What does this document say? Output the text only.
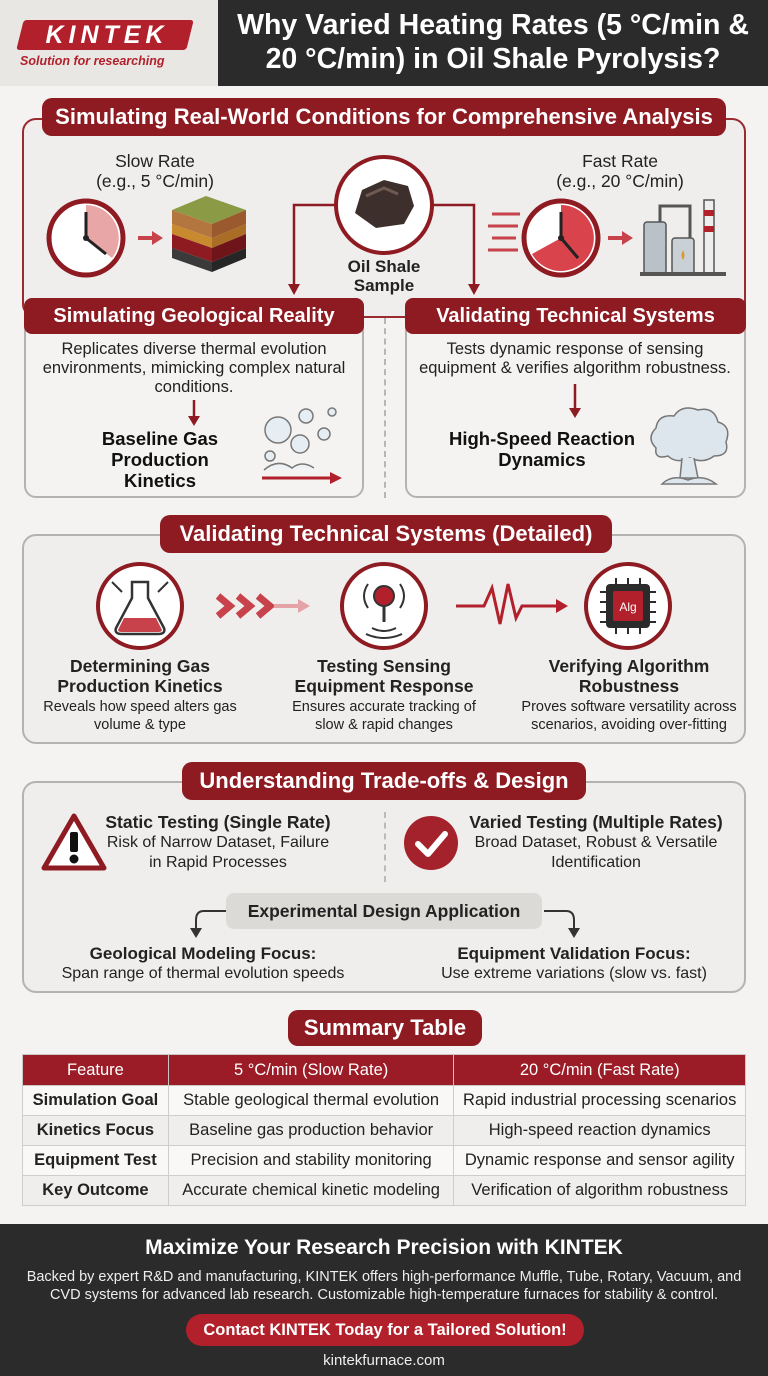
KINTEK
Solution for researching
Why Varied Heating Rates (5 °C/min & 20 °C/min) in Oil Shale Pyrolysis?
Simulating Real-World Conditions for Comprehensive Analysis
Slow Rate
(e.g., 5 °C/min)
Fast Rate
(e.g., 20 °C/min)
Oil Shale Sample
Simulating Geological Reality
Replicates diverse thermal evolution environments, mimicking complex natural conditions.
Baseline Gas Production Kinetics
Validating Technical Systems
Tests dynamic response of sensing equipment & verifies algorithm robustness.
High-Speed Reaction Dynamics
Validating Technical Systems (Detailed)
Alg
Determining Gas Production Kinetics
Reveals how speed alters gas volume & type
Testing Sensing Equipment Response
Ensures accurate tracking of slow & rapid changes
Verifying Algorithm Robustness
Proves software versatility across scenarios, avoiding over-fitting
Understanding Trade-offs & Design
Static Testing (Single Rate)
Risk of Narrow Dataset, Failure in Rapid Processes
Varied Testing (Multiple Rates)
Broad Dataset, Robust & Versatile Identification
Experimental Design Application
Geological Modeling Focus:
Span range of thermal evolution speeds
Equipment Validation Focus:
Use extreme variations (slow vs. fast)
Summary Table
Feature	5 °C/min (Slow Rate)	20 °C/min (Fast Rate)
Simulation Goal	Stable geological thermal evolution	Rapid industrial processing scenarios
Kinetics Focus	Baseline gas production behavior	High-speed reaction dynamics
Equipment Test	Precision and stability monitoring	Dynamic response and sensor agility
Key Outcome	Accurate chemical kinetic modeling	Verification of algorithm robustness
Maximize Your Research Precision with KINTEK
Backed by expert R&D and manufacturing, KINTEK offers high-performance Muffle, Tube, Rotary, Vacuum, and CVD systems for advanced lab research. Customizable high-temperature furnaces for stability & control.
Contact KINTEK Today for a Tailored Solution!
kintekfurnace.com
